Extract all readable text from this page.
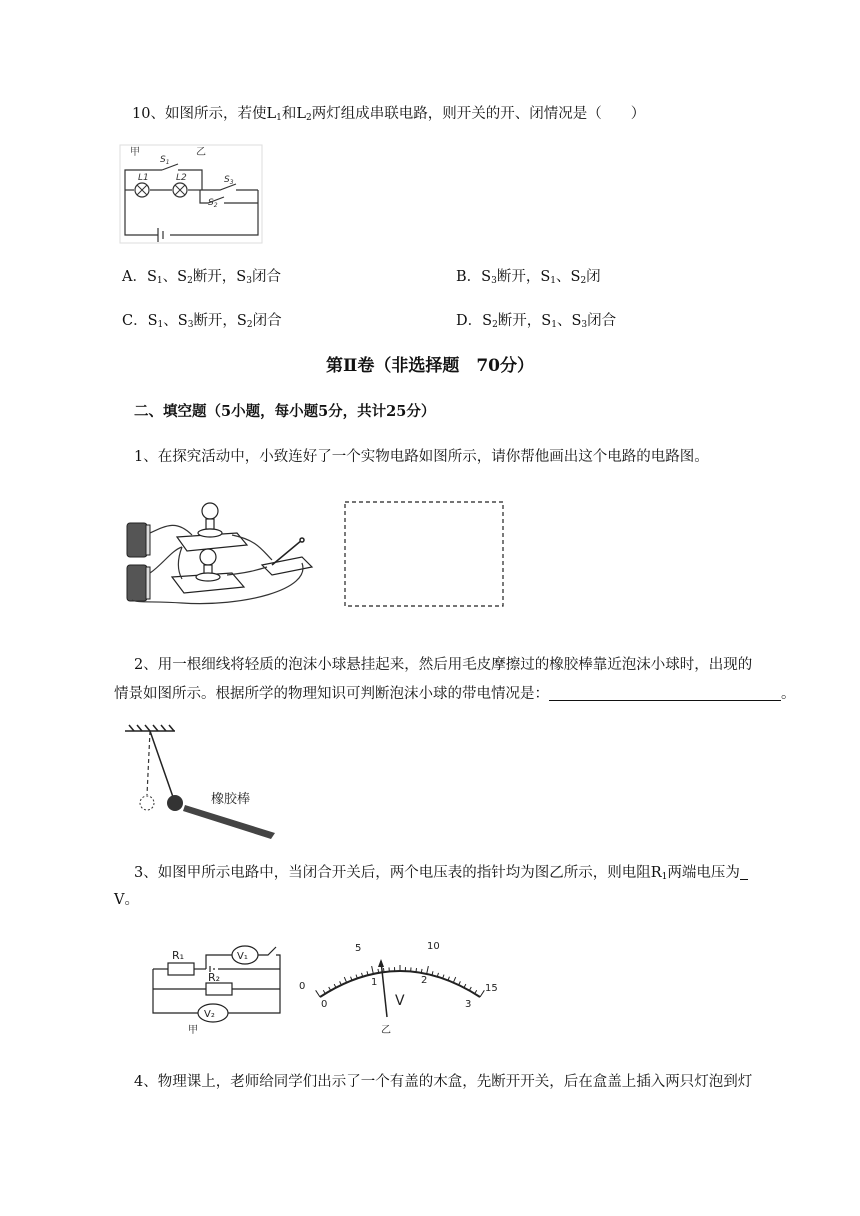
10、如图所示，若使$L_1$和$L_2$两灯组成串联电路，则开关的开、闭情况是（　　）
L1	L2
$S_1$
$S_3$
$S_2$
甲	乙
A．$S_1$、$S_2$断开，$S_3$闭合	B．$S_3$断开，$S_1$、$S_2$闭
C．$S_1$、$S_3$断开，$S_2$闭合	D．$S_2$断开，$S_1$、$S_3$闭合
第Ⅱ卷（非选择题　70分）
二、填空题（5小题，每小题5分，共计25分）
1、在探究活动中，小致连好了一个实物电路如图所示，请你帮他画出这个电路的电路图。
2、用一根细线将轻质的泡沫小球悬挂起来，然后用毛皮摩擦过的橡胶棒靠近泡沫小球时，出现的
情景如图所示。根据所学的物理知识可判断泡沫小球的带电情况是：	。
橡胶棒
3、如图甲所示电路中，当闭合开关后，两个电压表的指针均为图乙所示，则电阻$R_1$两端电压为
V。
R₁
R₂
V₁
V₂
甲
0
5	10
15
0
1	2
3
V
乙
4、物理课上，老师给同学们出示了一个有盖的木盒，先断开开关，后在盒盖上插入两只灯泡到灯
